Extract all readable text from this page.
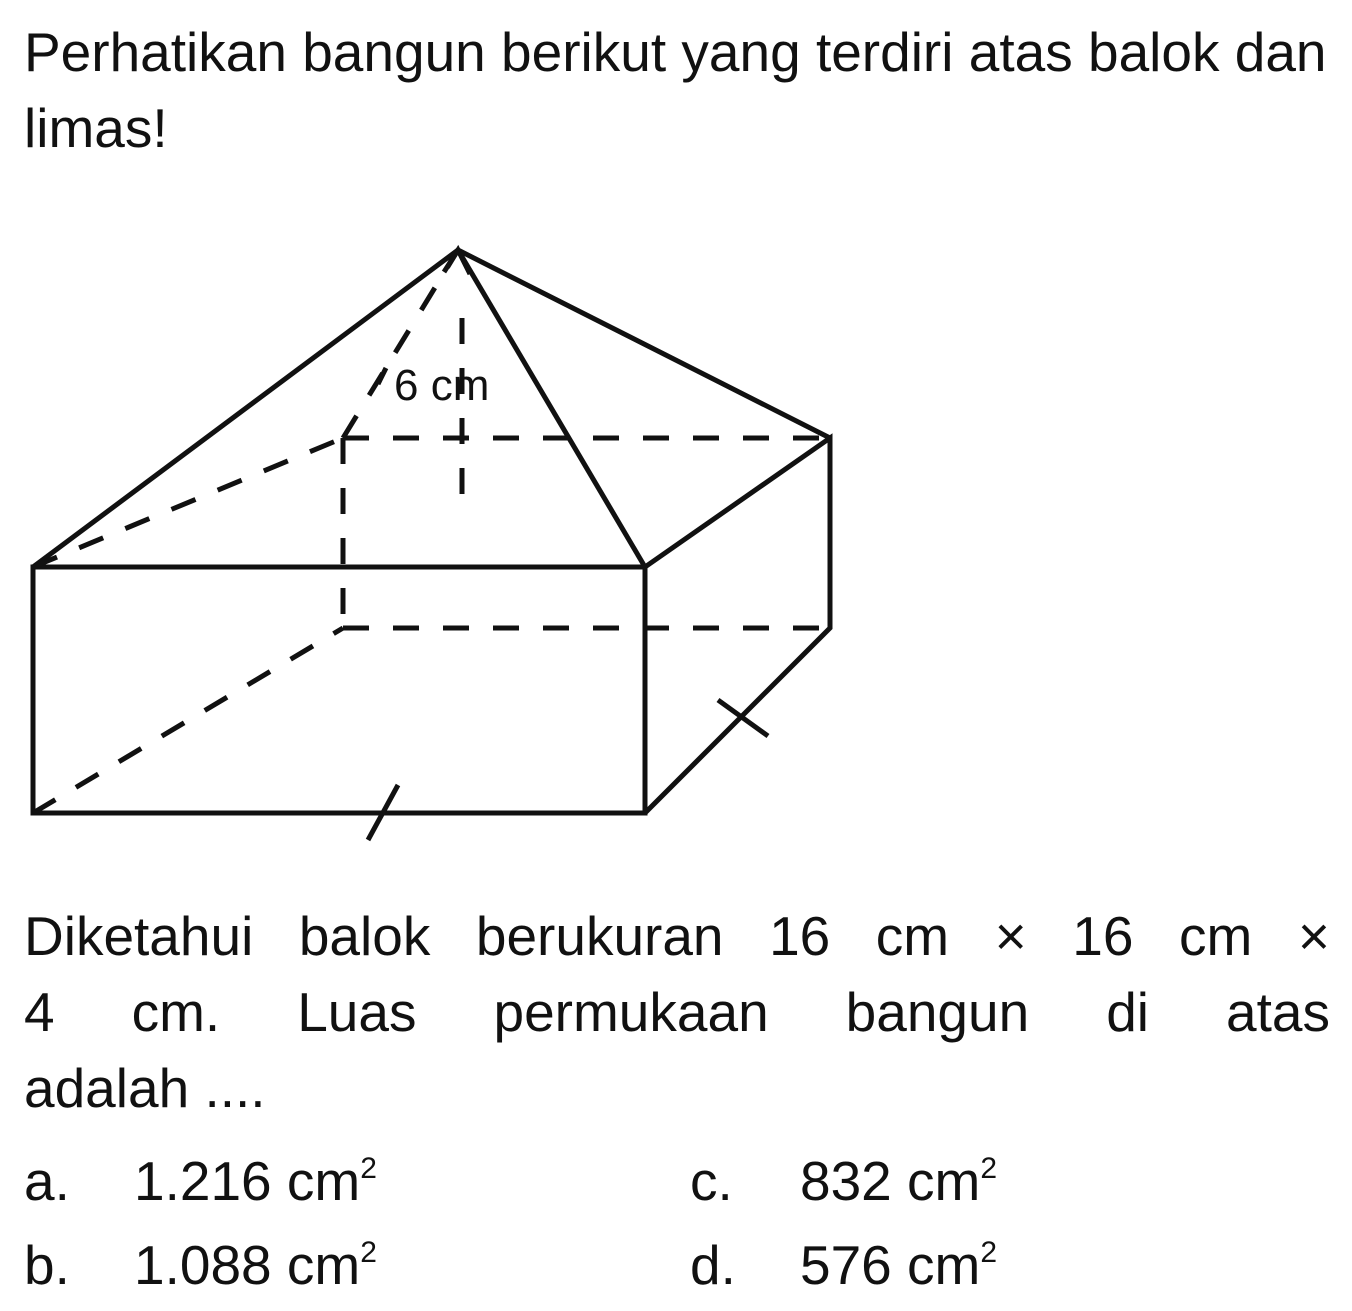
Perhatikan bangun berikut yang terdiri atas balok dan limas!

6 cm
Diketahui balok berukuran 16 cm × 16 cm ×
4 cm. Luas permukaan bangun di atas
adalah ....
a. 1.216 $cm^2$
b. 1.088 $cm^2$
c. 832 $cm^2$
d. 576 $cm^2$
